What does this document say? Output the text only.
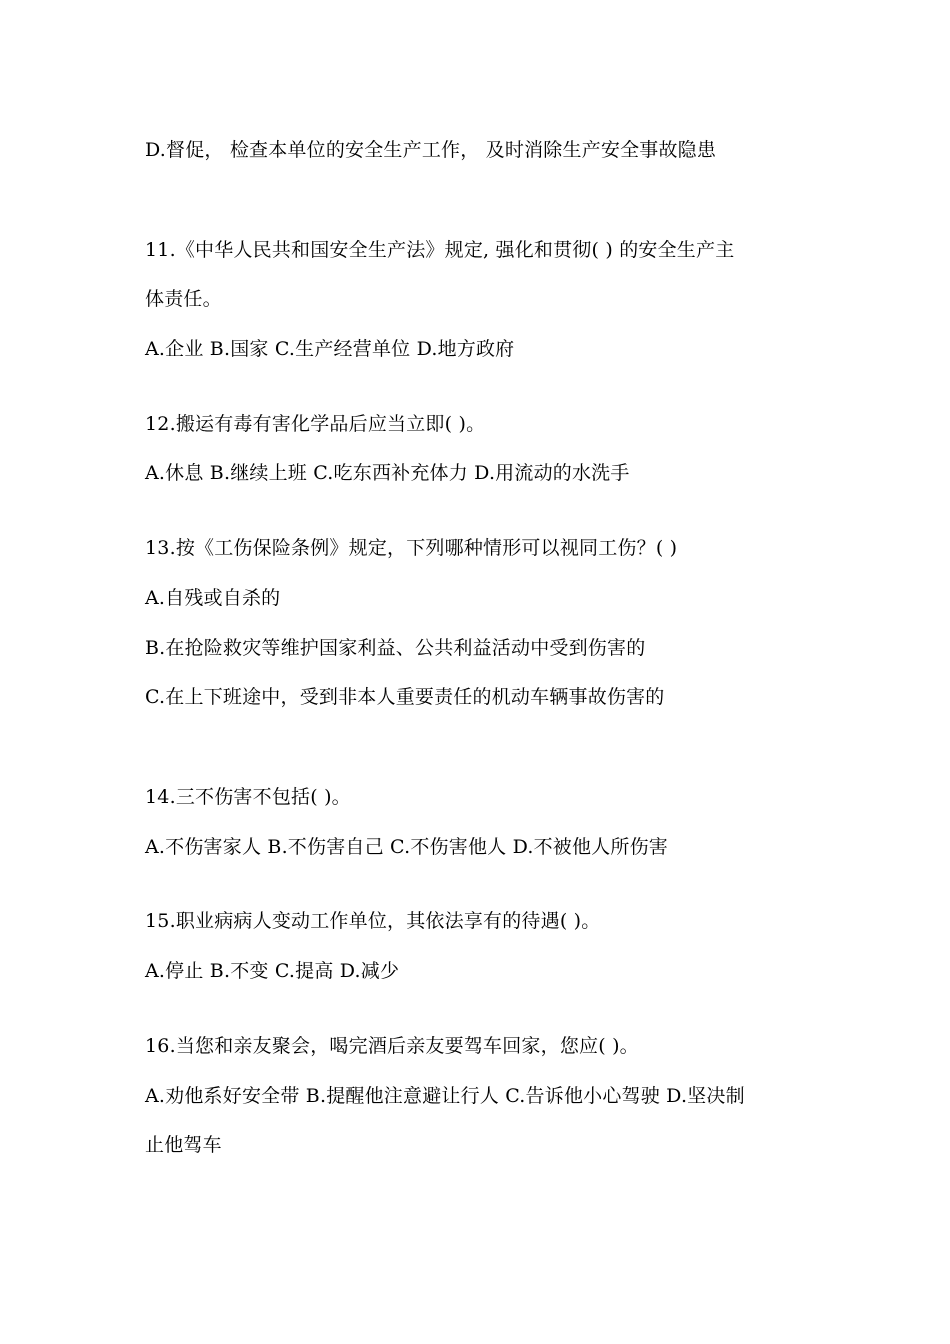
D.督促， 检查本单位的安全生产工作， 及时消除生产安全事故隐患
11.《中华人民共和国安全生产法》规定, 强化和贯彻( ) 的安全生产主
体责任。
A.企业 B.国家 C.生产经营单位 D.地方政府
12.搬运有毒有害化学品后应当立即( )。
A.休息 B.继续上班 C.吃东西补充体力 D.用流动的水洗手
13.按《工伤保险条例》规定，下列哪种情形可以视同工伤？( )
A.自残或自杀的
B.在抢险救灾等维护国家利益、公共利益活动中受到伤害的
C.在上下班途中，受到非本人重要责任的机动车辆事故伤害的
14.三不伤害不包括( )。
A.不伤害家人 B.不伤害自己 C.不伤害他人 D.不被他人所伤害
15.职业病病人变动工作单位，其依法享有的待遇( )。
A.停止 B.不变 C.提高 D.减少
16.当您和亲友聚会，喝完酒后亲友要驾车回家，您应( )。
A.劝他系好安全带 B.提醒他注意避让行人 C.告诉他小心驾驶 D.坚决制
止他驾车
